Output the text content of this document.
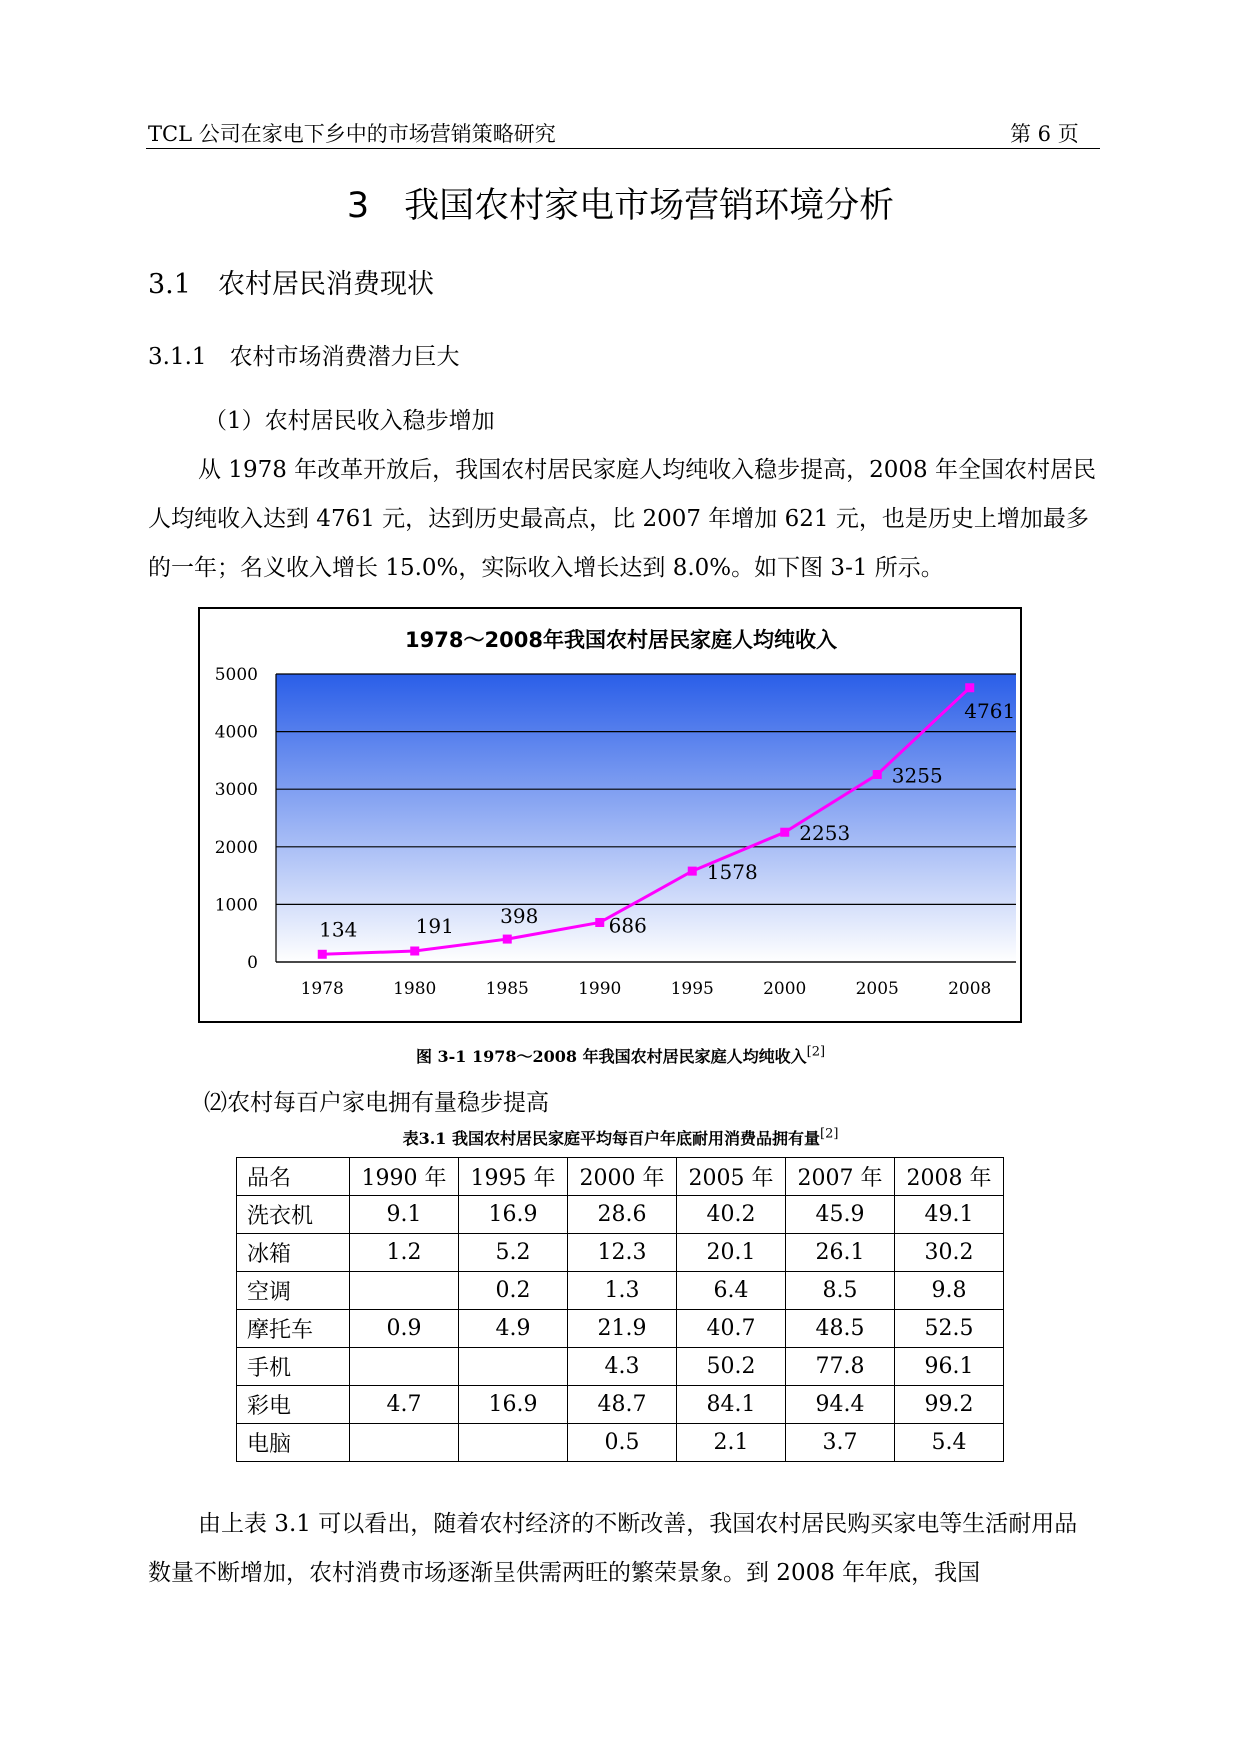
TCL 公司在家电下乡中的市场营销策略研究	第 6 页
3　我国农村家电市场营销环境分析
3.1　农村居民消费现状
3.1.1　农村市场消费潜力巨大
（1）农村居民收入稳步增加
从 1978 年改革开放后，我国农村居民家庭人均纯收入稳步提高，2008 年全国农村居民人均纯收入达到 4761 元，达到历史最高点，比 2007 年增加 621 元，也是历史上增加最多的一年；名义收入增长 15.0%，实际收入增长达到 8.0%。如下图 3-1 所示。
1978～2008年我国农村居民家庭人均纯收入
0
1000
2000
3000
4000
5000
1978	1980	1985	1990	1995	2000	2005	2008
134	191 398	686
1578
2253
3255
4761
图 3-1 1978～2008 年我国农村居民家庭人均纯收入[2]
⑵农村每百户家电拥有量稳步提高
表3.1 我国农村居民家庭平均每百户年底耐用消费品拥有量[2]
品名	1990 年	1995 年	2000 年	2005 年	2007 年	2008 年
洗衣机	9.1	16.9	28.6	40.2	45.9	49.1
冰箱	1.2	5.2	12.3	20.1	26.1	30.2
空调		0.2	1.3	6.4	8.5	9.8
摩托车	0.9	4.9	21.9	40.7	48.5	52.5
手机			4.3	50.2	77.8	96.1
彩电	4.7	16.9	48.7	84.1	94.4	99.2
电脑			0.5	2.1	3.7	5.4
由上表 3.1 可以看出，随着农村经济的不断改善，我国农村居民购买家电等生活耐用品数量不断增加，农村消费市场逐渐呈供需两旺的繁荣景象。到 2008 年年底，我国
